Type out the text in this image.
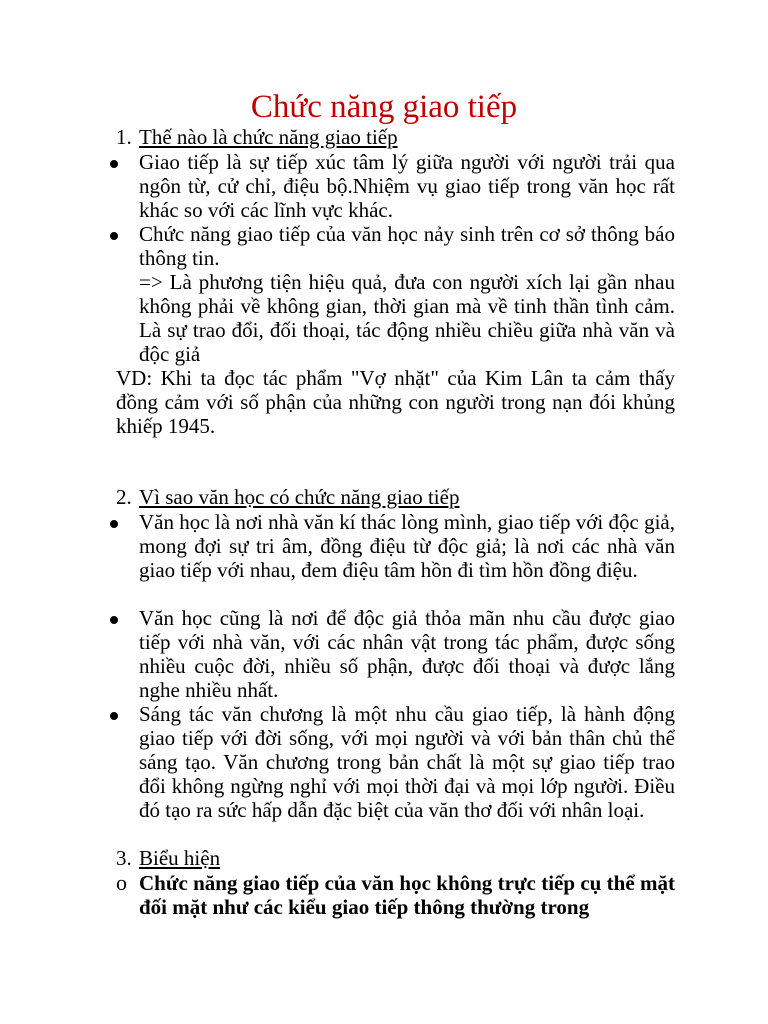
Chức năng giao tiếp
1. Thế nào là chức năng giao tiếp
Giao tiếp là sự tiếp xúc tâm lý giữa người với người trải qua ngôn từ, cử chỉ, điệu bộ.Nhiệm vụ giao tiếp trong văn học rất khác so với các lĩnh vực khác.
Chức năng giao tiếp của văn học nảy sinh trên cơ sở thông báo thông tin.
=> Là phương tiện hiệu quả, đưa con người xích lại gần nhau không phải về không gian, thời gian mà về tinh thần tình cảm. Là sự trao đổi, đối thoại, tác động nhiều chiều giữa nhà văn và độc giả
VD: Khi ta đọc tác phẩm "Vợ nhặt" của Kim Lân ta cảm thấy đồng cảm với số phận của những con người trong nạn đói khủng khiếp 1945.
2. Vì sao văn học có chức năng giao tiếp
Văn học là nơi nhà văn kí thác lòng mình, giao tiếp với độc giả, mong đợi sự tri âm, đồng điệu từ độc giả; là nơi các nhà văn giao tiếp với nhau, đem điệu tâm hồn đi tìm hồn đồng điệu.
Văn học cũng là nơi để độc giả thỏa mãn nhu cầu được giao tiếp với nhà văn, với các nhân vật trong tác phẩm, được sống nhiều cuộc đời, nhiều số phận, được đối thoại và được lắng nghe nhiều nhất.
Sáng tác văn chương là một nhu cầu giao tiếp, là hành động giao tiếp với đời sống, với mọi người và với bản thân chủ thể sáng tạo. Văn chương trong bản chất là một sự giao tiếp trao đổi không ngừng nghỉ với mọi thời đại và mọi lớp người. Điều đó tạo ra sức hấp dẫn đặc biệt của văn thơ đối với nhân loại.
3. Biểu hiện
o Chức năng giao tiếp của văn học không trực tiếp cụ thể mặt đối mặt như các kiểu giao tiếp thông thường trong
